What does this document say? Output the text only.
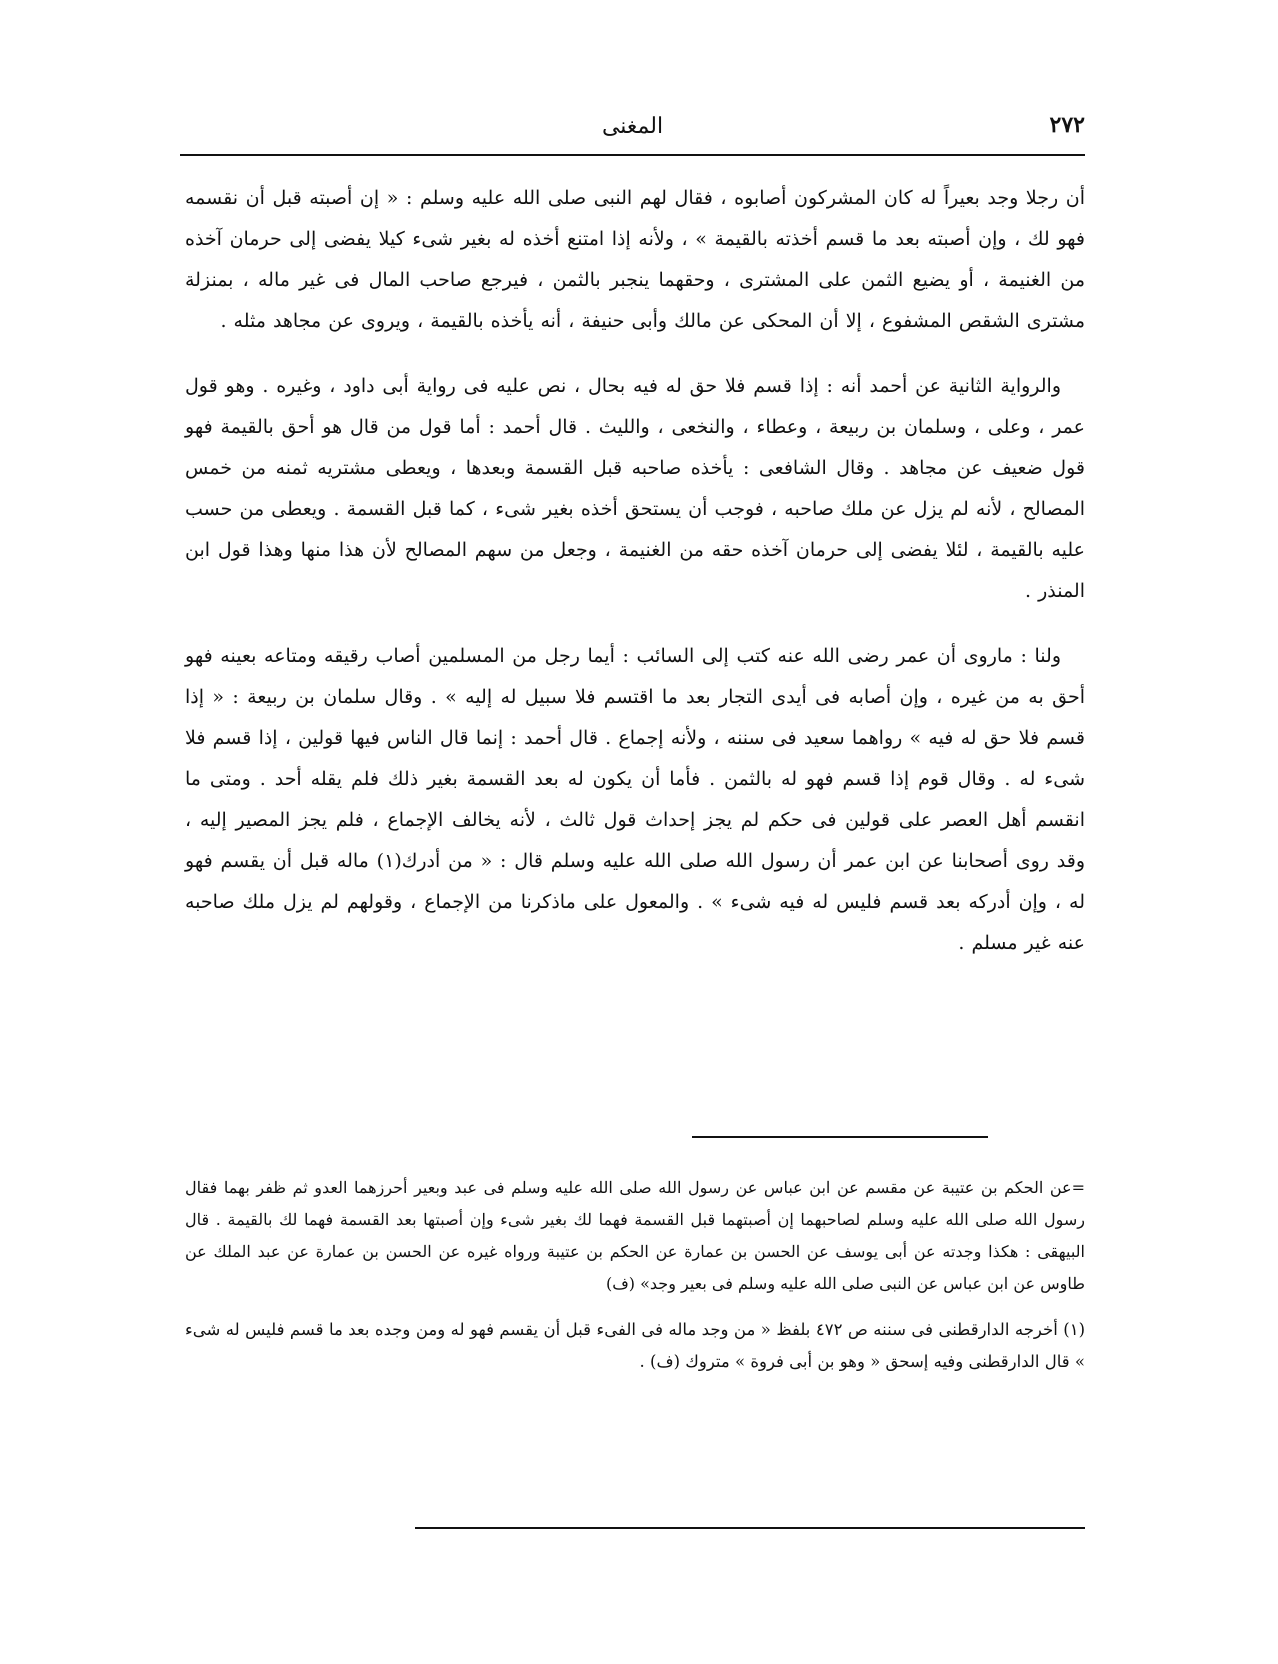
٢٧٢
المغنى

أن رجلا وجد بعيراً له كان المشركون أصابوه ، فقال لهم النبى صلى الله عليه وسلم : « إن أصبته قبل أن نقسمه فهو لك ، وإن أصبته بعد ما قسم أخذته بالقيمة » ، ولأنه إذا امتنع أخذه له بغير شىء كيلا يفضى إلى حرمان آخذه من الغنيمة ، أو يضيع الثمن على المشترى ، وحقهما ينجبر بالثمن ، فيرجع صاحب المال فى غير ماله ، بمنزلة مشترى الشقص المشفوع ، إلا أن المحكى عن مالك وأبى حنيفة ، أنه يأخذه بالقيمة ، ويروى عن مجاهد مثله .

والرواية الثانية عن أحمد أنه : إذا قسم فلا حق له فيه بحال ، نص عليه فى رواية أبى داود ، وغيره . وهو قول عمر ، وعلى ، وسلمان بن ربيعة ، وعطاء ، والنخعى ، والليث . قال أحمد : أما قول من قال هو أحق بالقيمة فهو قول ضعيف عن مجاهد . وقال الشافعى : يأخذه صاحبه قبل القسمة وبعدها ، ويعطى مشتريه ثمنه من خمس المصالح ، لأنه لم يزل عن ملك صاحبه ، فوجب أن يستحق أخذه بغير شىء ، كما قبل القسمة . ويعطى من حسب عليه بالقيمة ، لئلا يفضى إلى حرمان آخذه حقه من الغنيمة ، وجعل من سهم المصالح لأن هذا منها وهذا قول ابن المنذر .

ولنا : ماروى أن عمر رضى الله عنه كتب إلى السائب : أيما رجل من المسلمين أصاب رقيقه ومتاعه بعينه فهو أحق به من غيره ، وإن أصابه فى أيدى التجار بعد ما اقتسم فلا سبيل له إليه » . وقال سلمان بن ربيعة : « إذا قسم فلا حق له فيه » رواهما سعيد فى سننه ، ولأنه إجماع . قال أحمد : إنما قال الناس فيها قولين ، إذا قسم فلا شىء له . وقال قوم إذا قسم فهو له بالثمن . فأما أن يكون له بعد القسمة بغير ذلك فلم يقله أحد . ومتى ما انقسم أهل العصر على قولين فى حكم لم يجز إحداث قول ثالث ، لأنه يخالف الإجماع ، فلم يجز المصير إليه ، وقد روى أصحابنا عن ابن عمر أن رسول الله صلى الله عليه وسلم قال : « من أدرك(١) ماله قبل أن يقسم فهو له ، وإن أدركه بعد قسم فليس له فيه شىء » . والمعول على ماذكرنا من الإجماع ، وقولهم لم يزل ملك صاحبه عنه غير مسلم .

=عن الحكم بن عتيبة عن مقسم عن ابن عباس عن رسول الله صلى الله عليه وسلم فى عبد وبعير أحرزهما العدو ثم ظفر بهما فقال رسول الله صلى الله عليه وسلم لصاحبهما إن أصبتهما قبل القسمة فهما لك بغير شىء وإن أصبتها بعد القسمة فهما لك بالقيمة . قال البيهقى : هكذا وجدته عن أبى يوسف عن الحسن بن عمارة عن الحكم بن عتيبة ورواه غيره عن الحسن بن عمارة عن عبد الملك عن طاوس عن ابن عباس عن النبى صلى الله عليه وسلم فى بعير وجد» (ف)

(١) أخرجه الدارقطنى فى سننه ص ٤٧٢ بلفظ « من وجد ماله فى الفىء قبل أن يقسم فهو له ومن وجده بعد ما قسم فليس له شىء » قال الدارقطنى وفيه إسحق « وهو بن أبى فروة » متروك (ف) .
